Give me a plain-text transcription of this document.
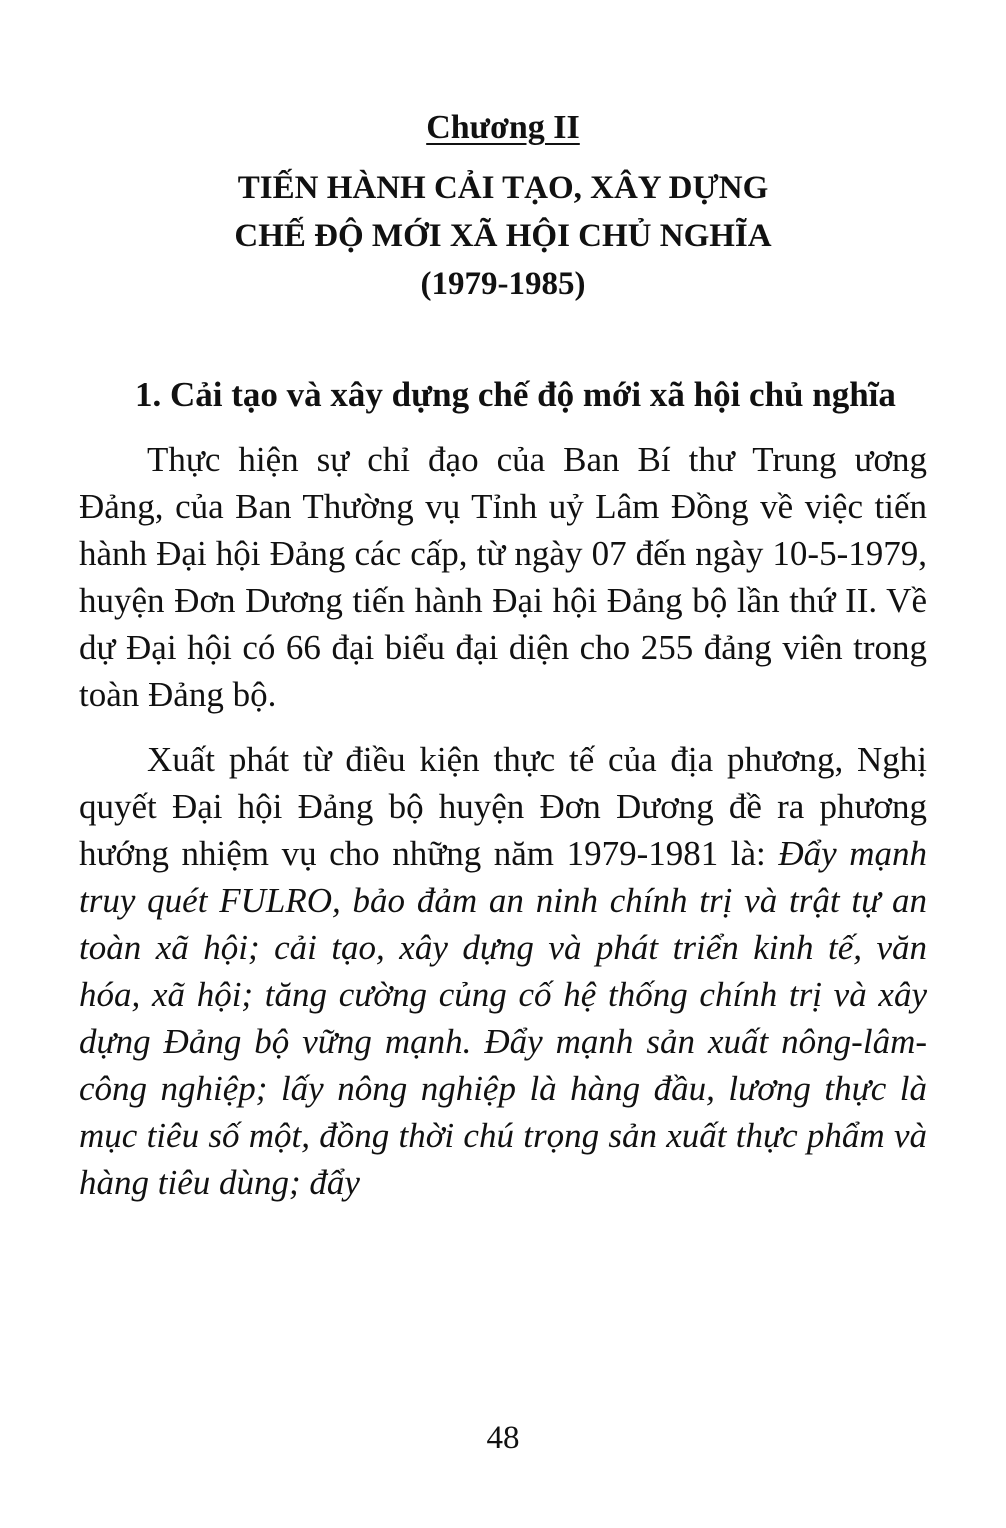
Chương II
TIẾN HÀNH CẢI TẠO, XÂY DỰNG
CHẾ ĐỘ MỚI XÃ HỘI CHỦ NGHĨA
(1979-1985)

1. Cải tạo và xây dựng chế độ mới xã hội chủ nghĩa

Thực hiện sự chỉ đạo của Ban Bí thư Trung ương Đảng, của Ban Thường vụ Tỉnh uỷ Lâm Đồng về việc tiến hành Đại hội Đảng các cấp, từ ngày 07 đến ngày 10-5-1979, huyện Đơn Dương tiến hành Đại hội Đảng bộ lần thứ II. Về dự Đại hội có 66 đại biểu đại diện cho 255 đảng viên trong toàn Đảng bộ.

Xuất phát từ điều kiện thực tế của địa phương, Nghị quyết Đại hội Đảng bộ huyện Đơn Dương đề ra phương hướng nhiệm vụ cho những năm 1979-1981 là: Đẩy mạnh truy quét FULRO, bảo đảm an ninh chính trị và trật tự an toàn xã hội; cải tạo, xây dựng và phát triển kinh tế, văn hóa, xã hội; tăng cường củng cố hệ thống chính trị và xây dựng Đảng bộ vững mạnh. Đẩy mạnh sản xuất nông-lâm-công nghiệp; lấy nông nghiệp là hàng đầu, lương thực là mục tiêu số một, đồng thời chú trọng sản xuất thực phẩm và hàng tiêu dùng; đẩy

48
